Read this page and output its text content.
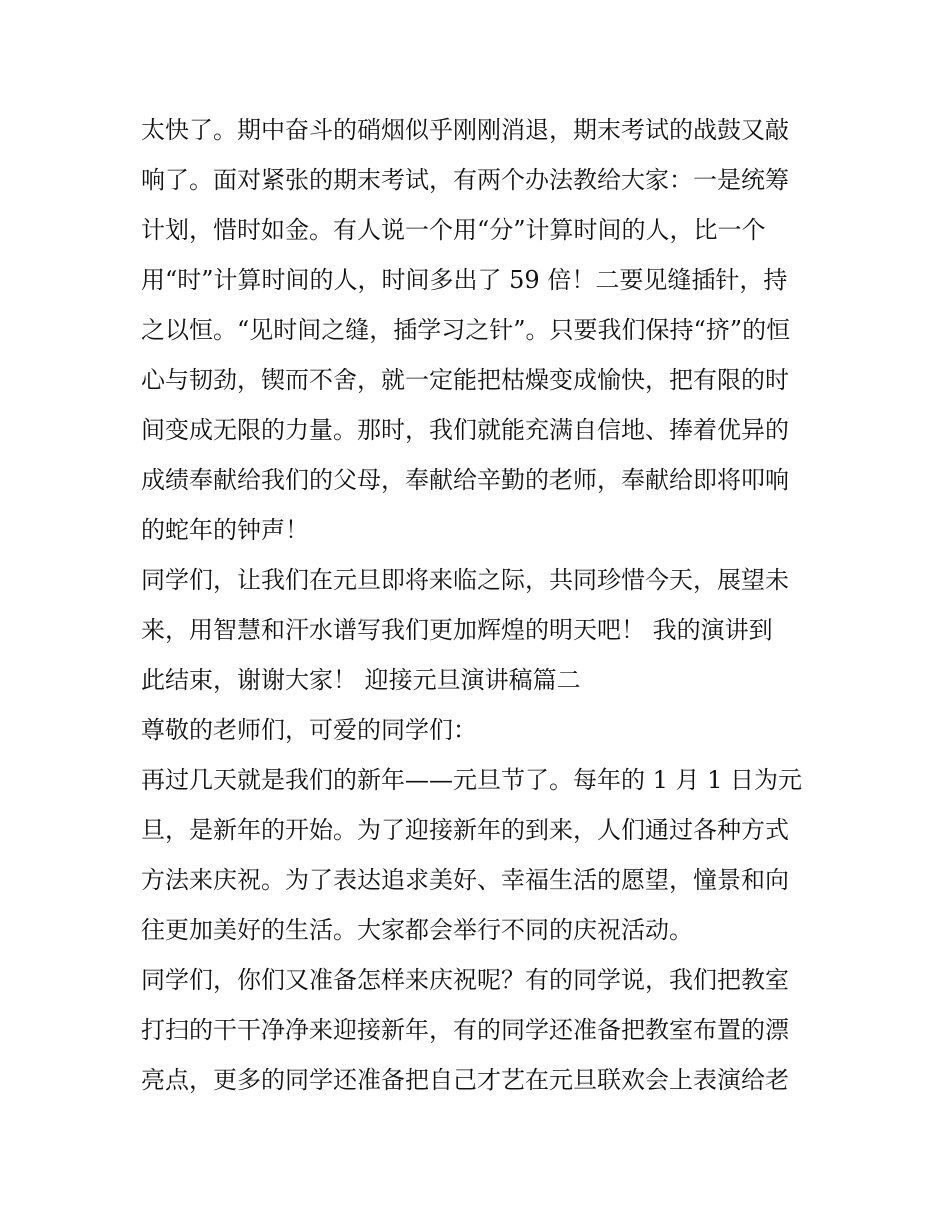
太快了。期中奋斗的硝烟似乎刚刚消退，期末考试的战鼓又敲
响了。面对紧张的期末考试，有两个办法教给大家：一是统筹
计划，惜时如金。有人说一个用“分”计算时间的人，比一个
用“时”计算时间的人，时间多出了 59 倍！二要见缝插针，持
之以恒。“见时间之缝，插学习之针”。只要我们保持“挤”的恒
心与韧劲，锲而不舍，就一定能把枯燥变成愉快，把有限的时
间变成无限的力量。那时，我们就能充满自信地、捧着优异的
成绩奉献给我们的父母，奉献给辛勤的老师，奉献给即将叩响
的蛇年的钟声！
同学们，让我们在元旦即将来临之际，共同珍惜今天，展望未
来，用智慧和汗水谱写我们更加辉煌的明天吧！ 我的演讲到
此结束，谢谢大家！ 迎接元旦演讲稿篇二
尊敬的老师们，可爱的同学们：
再过几天就是我们的新年——元旦节了。每年的 1 月 1 日为元
旦，是新年的开始。为了迎接新年的到来，人们通过各种方式
方法来庆祝。为了表达追求美好、幸福生活的愿望，憧景和向
往更加美好的生活。大家都会举行不同的庆祝活动。
同学们，你们又准备怎样来庆祝呢？有的同学说，我们把教室
打扫的干干净净来迎接新年，有的同学还准备把教室布置的漂
亮点，更多的同学还准备把自己才艺在元旦联欢会上表演给老
